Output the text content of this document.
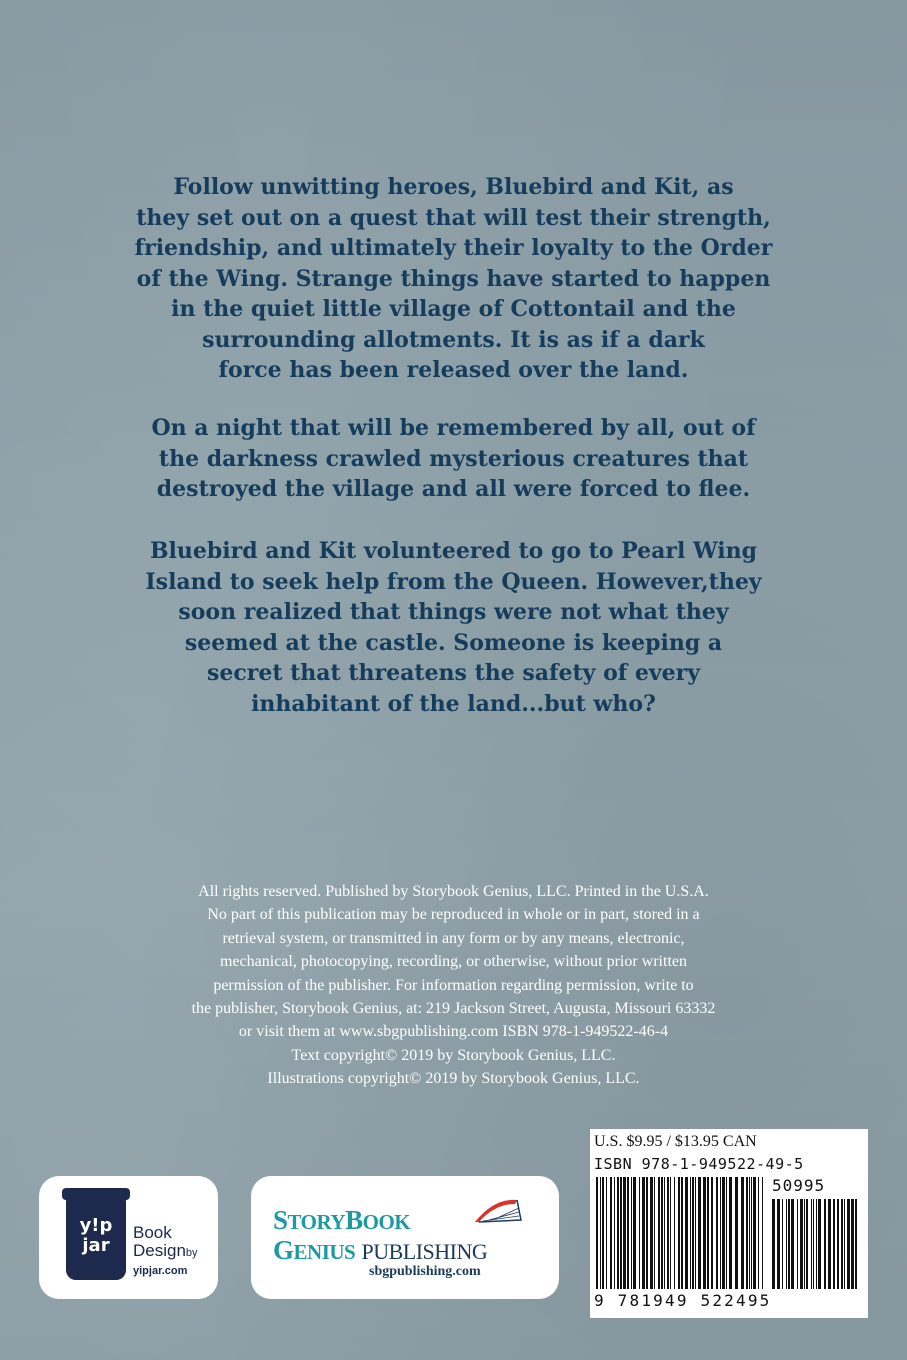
Follow unwitting heroes, Bluebird and Kit, as
they set out on a quest that will test their strength,
friendship, and ultimately their loyalty to the Order
of the Wing. Strange things have started to happen
in the quiet little village of Cottontail and the
surrounding allotments. It is as if a dark
force has been released over the land.
On a night that will be remembered by all, out of
the darkness crawled mysterious creatures that
destroyed the village and all were forced to flee.
Bluebird and Kit volunteered to go to Pearl Wing
Island to seek help from the Queen. However,they
soon realized that things were not what they
seemed at the castle. Someone is keeping a
secret that threatens the safety of every
inhabitant of the land...but who?
All rights reserved. Published by Storybook Genius, LLC. Printed in the U.S.A.
No part of this publication may be reproduced in whole or in part, stored in a
retrieval system, or transmitted in any form or by any means, electronic,
mechanical, photocopying, recording, or otherwise, without prior written
permission of the publisher. For information regarding permission, write to
the publisher, Storybook Genius, at: 219 Jackson Street, Augusta, Missouri 63332
or visit them at www.sbgpublishing.com ISBN 978-1-949522-46-4
Text copyright© 2019 by Storybook Genius, LLC.
Illustrations copyright© 2019 by Storybook Genius, LLC.
y!p
jar
Book
Designby
yipjar.com
STORYBOOK
GENIUS PUBLISHING
sbgpublishing.com
U.S. $9.95 / $13.95 CAN
ISBN 978-1-949522-49-5
50995
9 781949 522495
